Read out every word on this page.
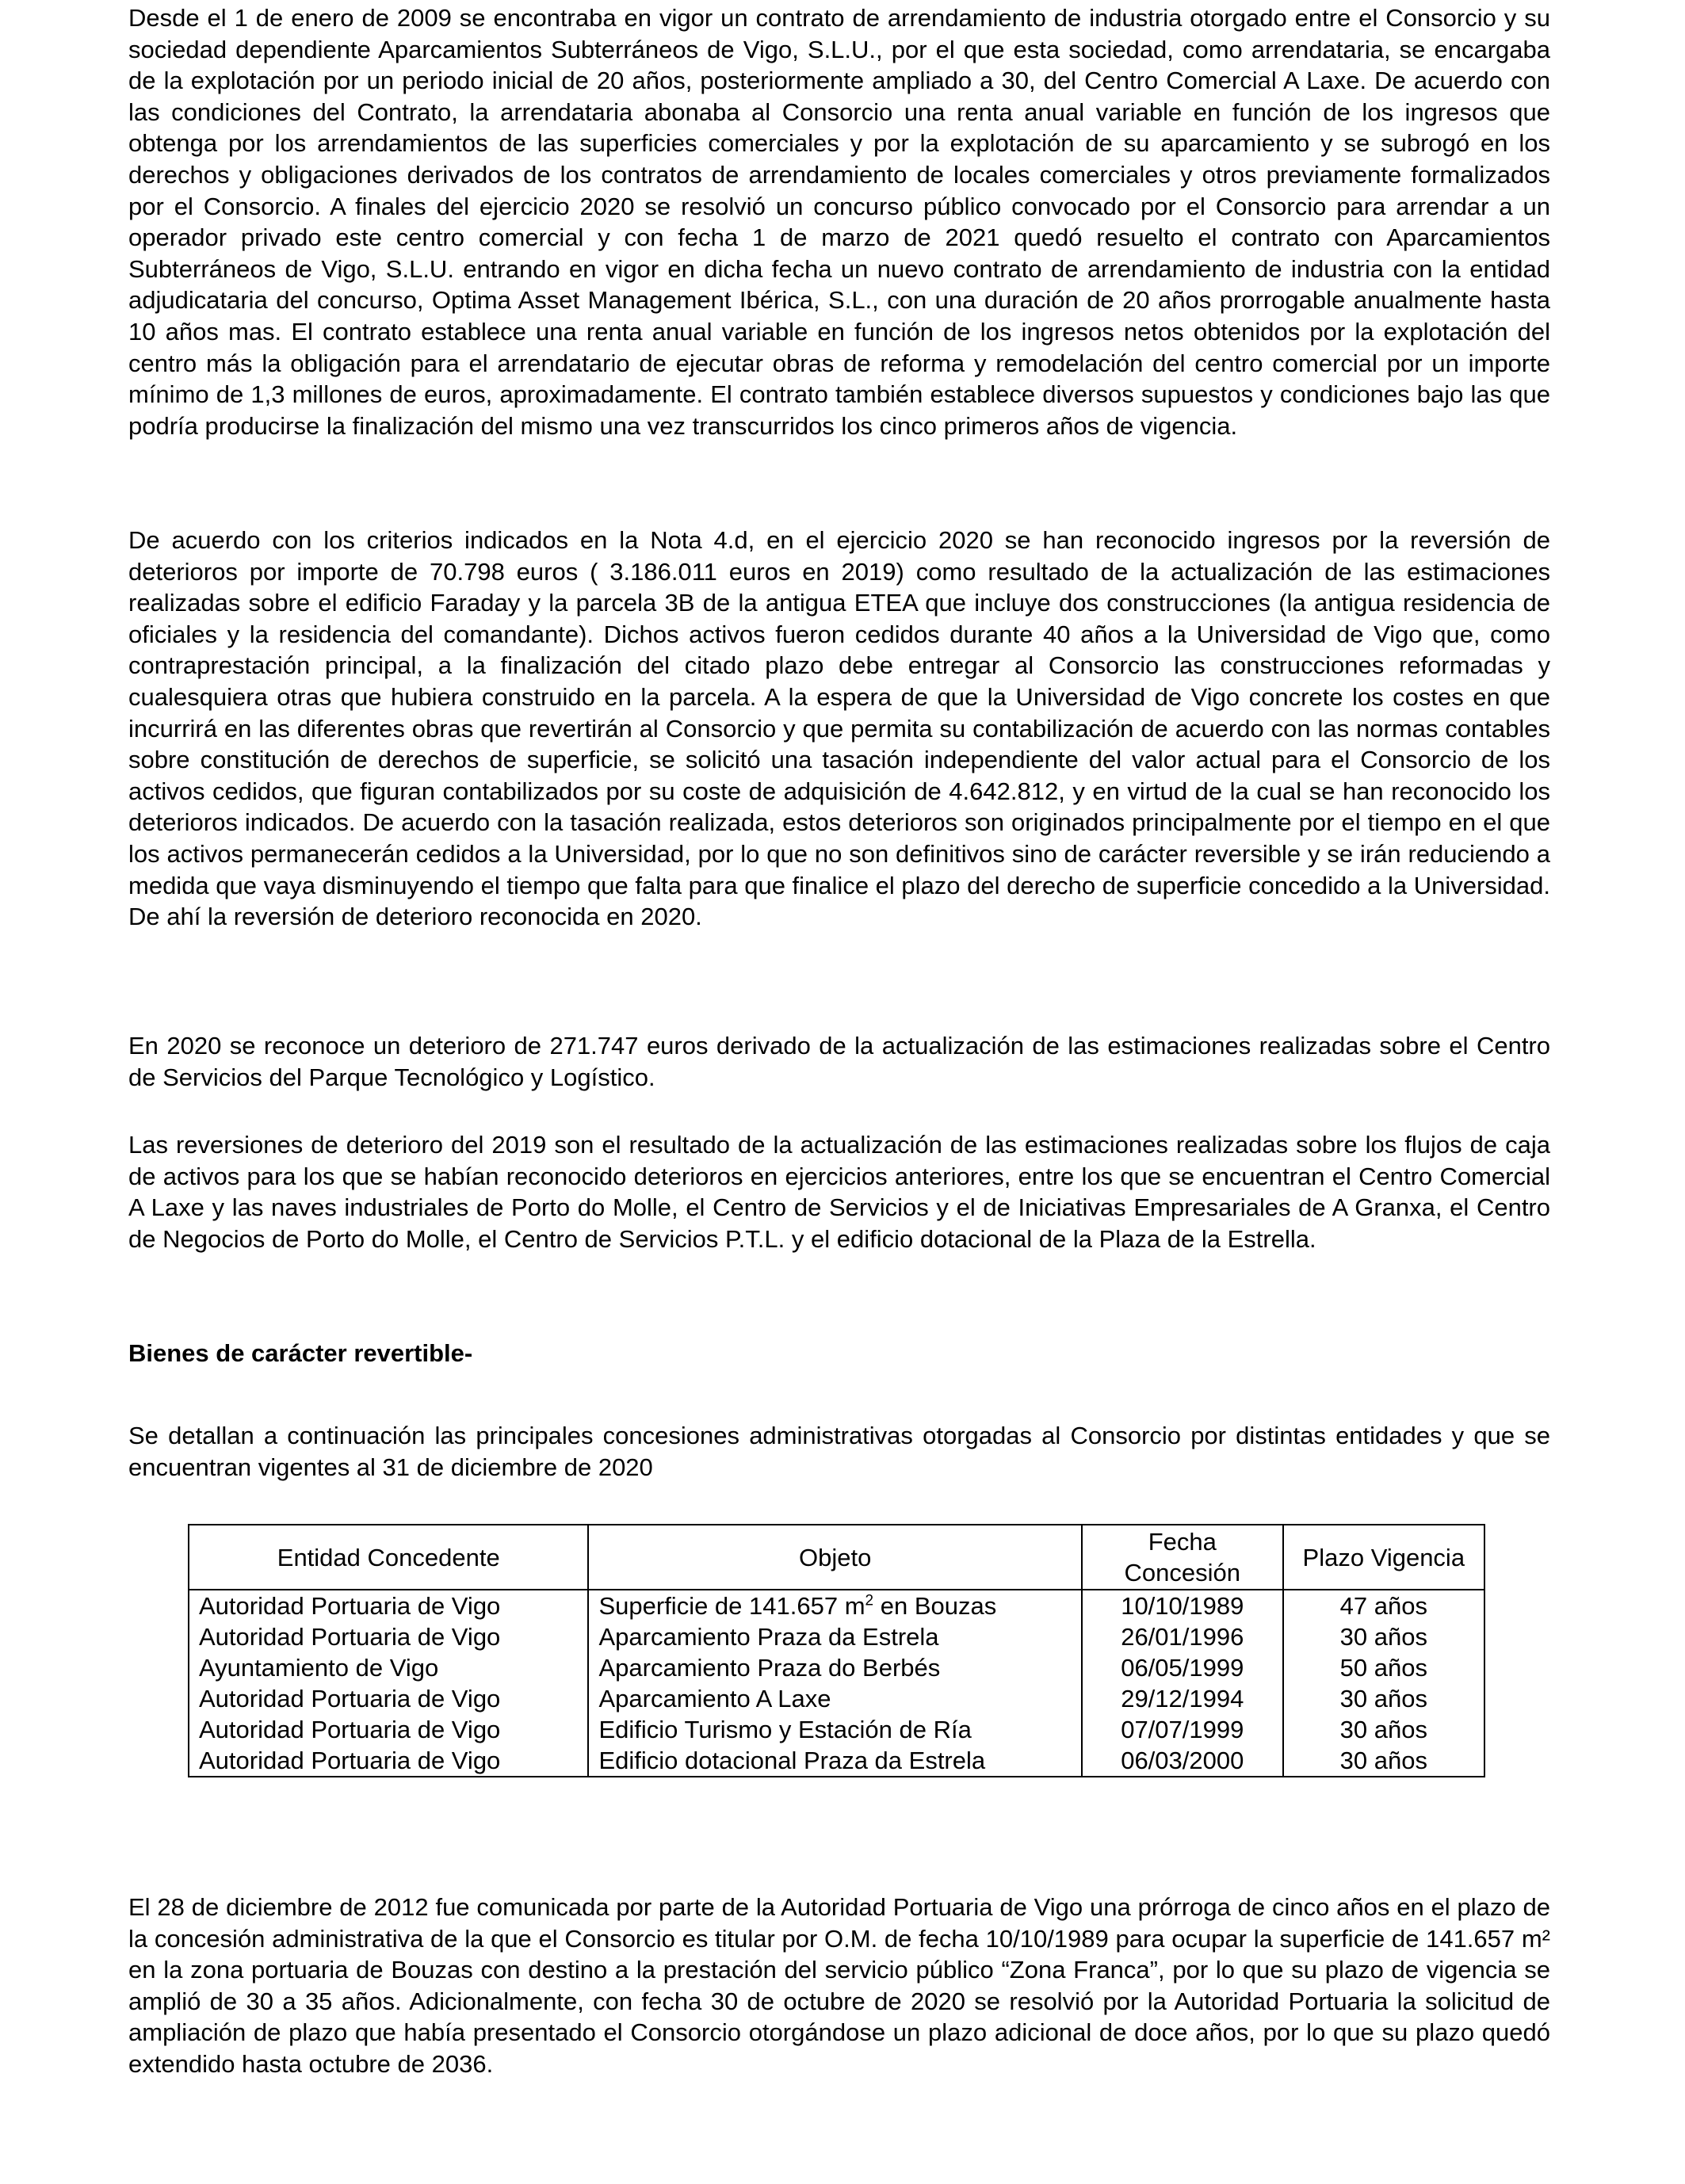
Desde el 1 de enero de 2009 se encontraba en vigor un contrato de arrendamiento de industria otorgado entre el Consorcio y su sociedad dependiente Aparcamientos Subterráneos de Vigo, S.L.U., por el que esta sociedad, como arrendataria, se encargaba de la explotación por un periodo inicial de 20 años, posteriormente ampliado a 30, del Centro Comercial A Laxe. De acuerdo con las condiciones del Contrato, la arrendataria abonaba al Consorcio una renta anual variable en función de los ingresos que obtenga por los arrendamientos de las superficies comerciales y por la explotación de su aparcamiento y se subrogó en los derechos y obligaciones derivados de los contratos de arrendamiento de locales comerciales y otros previamente formalizados por el Consorcio. A finales del ejercicio 2020 se resolvió un concurso público convocado por el Consorcio para arrendar a un operador privado este centro comercial y con fecha 1 de marzo de 2021 quedó resuelto el contrato con Aparcamientos Subterráneos de Vigo, S.L.U. entrando en vigor en dicha fecha un nuevo contrato de arrendamiento de industria con la entidad adjudicataria del concurso, Optima Asset Management Ibérica, S.L., con una duración de 20 años prorrogable anualmente hasta 10 años mas. El contrato establece una renta anual variable en función de los ingresos netos obtenidos por la explotación del centro más la obligación para el arrendatario de ejecutar obras de reforma y remodelación del centro comercial por un importe mínimo de 1,3 millones de euros, aproximadamente. El contrato también establece diversos supuestos y condiciones bajo las que podría producirse la finalización del mismo una vez transcurridos los cinco primeros años de vigencia.

De acuerdo con los criterios indicados en la Nota 4.d, en el ejercicio 2020 se han reconocido ingresos por la reversión de deterioros por importe de 70.798 euros ( 3.186.011 euros en 2019) como resultado de la actualización de las estimaciones realizadas sobre el edificio Faraday y la parcela 3B de la antigua ETEA que incluye dos construcciones (la antigua residencia de oficiales y la residencia del comandante). Dichos activos fueron cedidos durante 40 años a la Universidad de Vigo que, como contraprestación principal, a la finalización del citado plazo debe entregar al Consorcio las construcciones reformadas y cualesquiera otras que hubiera construido en la parcela. A la espera de que la Universidad de Vigo concrete los costes en que incurrirá en las diferentes obras que revertirán al Consorcio y que permita su contabilización de acuerdo con las normas contables sobre constitución de derechos de superficie, se solicitó una tasación independiente del valor actual para el Consorcio de los activos cedidos, que figuran contabilizados por su coste de adquisición de 4.642.812, y en virtud de la cual se han reconocido los deterioros indicados. De acuerdo con la tasación realizada, estos deterioros son originados principalmente por el tiempo en el que los activos permanecerán cedidos a la Universidad, por lo que no son definitivos sino de carácter reversible y se irán reduciendo a medida que vaya disminuyendo el tiempo que falta para que finalice el plazo del derecho de superficie concedido a la Universidad. De ahí la reversión de deterioro reconocida en 2020.

En 2020 se reconoce un deterioro de 271.747 euros derivado de la actualización de las estimaciones realizadas sobre el Centro de Servicios del Parque Tecnológico y Logístico.

Las reversiones de deterioro del 2019 son el resultado de la actualización de las estimaciones realizadas sobre los flujos de caja de activos para los que se habían reconocido deterioros en ejercicios anteriores, entre los que se encuentran el Centro Comercial A Laxe y las naves industriales de Porto do Molle, el Centro de Servicios y el de Iniciativas Empresariales de A Granxa, el Centro de Negocios de Porto do Molle, el Centro de Servicios P.T.L. y el edificio dotacional de la Plaza de la Estrella.

Bienes de carácter revertible-

Se detallan a continuación las principales concesiones administrativas otorgadas al Consorcio por distintas entidades y que se encuentran vigentes al 31 de diciembre de 2020

Entidad Concedente	Objeto	Fecha Concesión	Plazo Vigencia
Autoridad Portuaria de Vigo	Superficie de 141.657 $m^2$ en Bouzas	10/10/1989	47 años
Autoridad Portuaria de Vigo	Aparcamiento Praza da Estrela	26/01/1996	30 años
Ayuntamiento de Vigo	Aparcamiento Praza do Berbés	06/05/1999	50 años
Autoridad Portuaria de Vigo	Aparcamiento A Laxe	29/12/1994	30 años
Autoridad Portuaria de Vigo	Edificio Turismo y Estación de Ría	07/07/1999	30 años
Autoridad Portuaria de Vigo	Edificio dotacional Praza da Estrela	06/03/2000	30 años

El 28 de diciembre de 2012 fue comunicada por parte de la Autoridad Portuaria de Vigo una prórroga de cinco años en el plazo de la concesión administrativa de la que el Consorcio es titular por O.M. de fecha 10/10/1989 para ocupar la superficie de 141.657 m² en la zona portuaria de Bouzas con destino a la prestación del servicio público “Zona Franca”, por lo que su plazo de vigencia se amplió de 30 a 35 años. Adicionalmente, con fecha 30 de octubre de 2020 se resolvió por la Autoridad Portuaria la solicitud de ampliación de plazo que había presentado el Consorcio otorgándose un plazo adicional de doce años, por lo que su plazo quedó extendido hasta octubre de 2036.
